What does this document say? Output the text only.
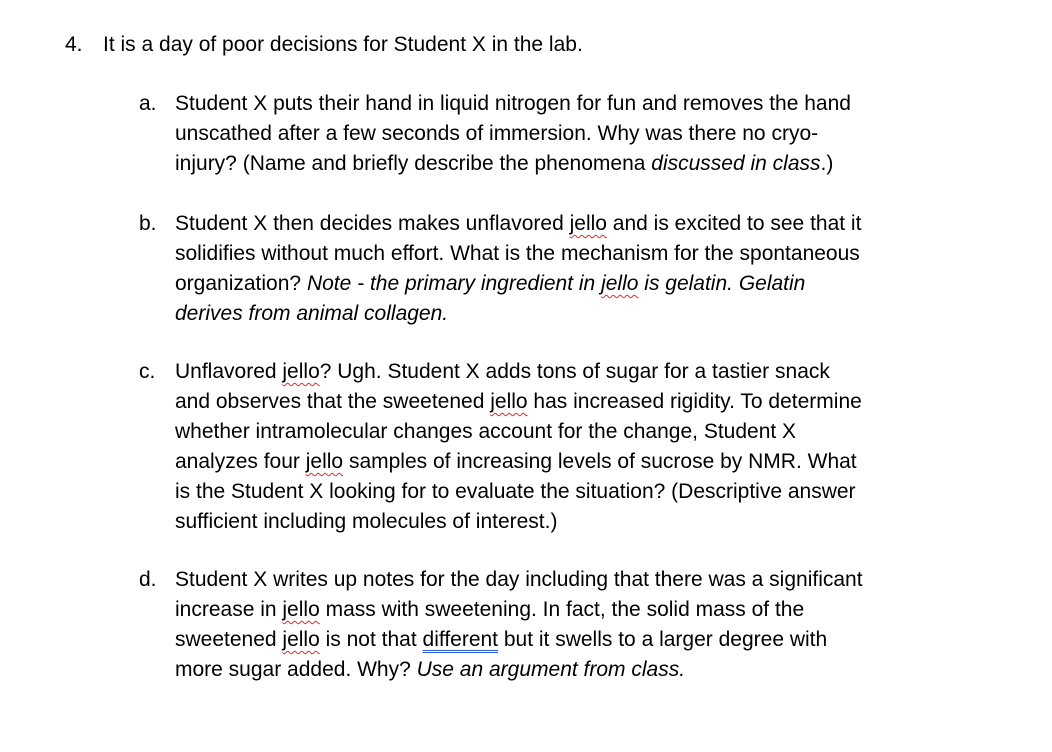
4. It is a day of poor decisions for Student X in the lab.
a. Student X puts their hand in liquid nitrogen for fun and removes the hand
unscathed after a few seconds of immersion. Why was there no cryo-
injury? (Name and briefly describe the phenomena discussed in class.)
b. Student X then decides makes unflavored jello and is excited to see that it
solidifies without much effort. What is the mechanism for the spontaneous
organization? Note - the primary ingredient in jello is gelatin. Gelatin
derives from animal collagen.
c. Unflavored jello? Ugh. Student X adds tons of sugar for a tastier snack
and observes that the sweetened jello has increased rigidity. To determine
whether intramolecular changes account for the change, Student X
analyzes four jello samples of increasing levels of sucrose by NMR. What
is the Student X looking for to evaluate the situation? (Descriptive answer
sufficient including molecules of interest.)
d. Student X writes up notes for the day including that there was a significant
increase in jello mass with sweetening. In fact, the solid mass of the
sweetened jello is not that different but it swells to a larger degree with
more sugar added. Why? Use an argument from class.
